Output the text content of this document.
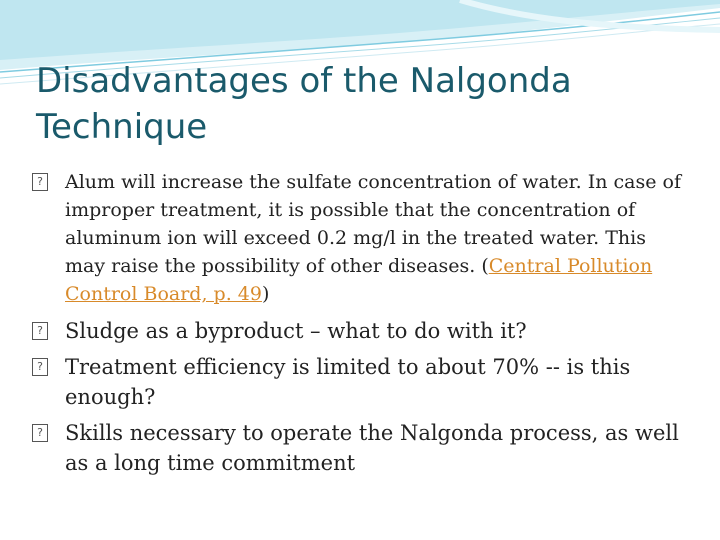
Disadvantages of the Nalgonda Technique
? Alum will increase the sulfate concentration of water. In case of improper treatment, it is possible that the concentration of aluminum ion will exceed 0.2 mg/l in the treated water. This may raise the possibility of other diseases. (Central Pollution Control Board, p. 49)
? Sludge as a byproduct – what to do with it?
? Treatment efficiency is limited to about 70% -- is this enough?
? Skills necessary to operate the Nalgonda process, as well as a long time commitment
